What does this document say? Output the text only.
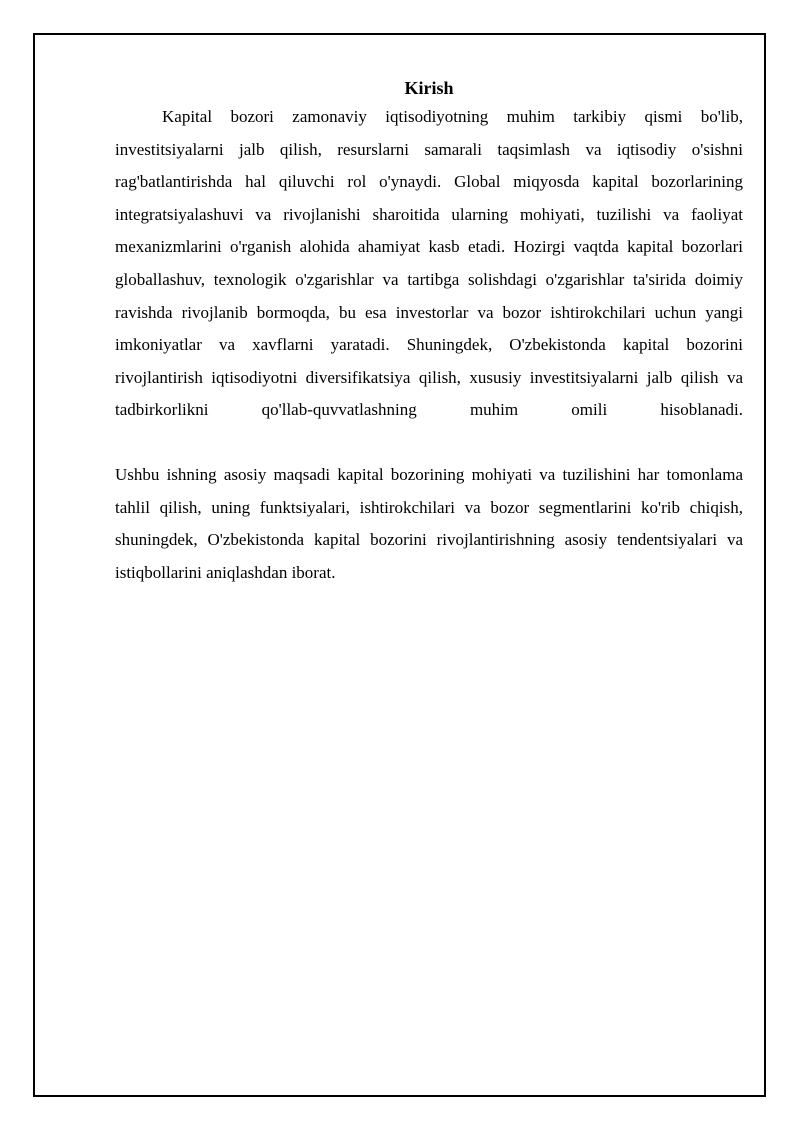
Kirish

Kapital bozori zamonaviy iqtisodiyotning muhim tarkibiy qismi bo'lib, investitsiyalarni jalb qilish, resurslarni samarali taqsimlash va iqtisodiy o'sishni rag'batlantirishda hal qiluvchi rol o'ynaydi. Global miqyosda kapital bozorlarining integratsiyalashuvi va rivojlanishi sharoitida ularning mohiyati, tuzilishi va faoliyat mexanizmlarini o'rganish alohida ahamiyat kasb etadi. Hozirgi vaqtda kapital bozorlari globallashuv, texnologik o'zgarishlar va tartibga solishdagi o'zgarishlar ta'sirida doimiy ravishda rivojlanib bormoqda, bu esa investorlar va bozor ishtirokchilari uchun yangi imkoniyatlar va xavflarni yaratadi. Shuningdek, O'zbekistonda kapital bozorini rivojlantirish iqtisodiyotni diversifikatsiya qilish, xususiy investitsiyalarni jalb qilish va tadbirkorlikni qo'llab-quvvatlashning muhim omili hisoblanadi.

Ushbu ishning asosiy maqsadi kapital bozorining mohiyati va tuzilishini har tomonlama tahlil qilish, uning funktsiyalari, ishtirokchilari va bozor segmentlarini ko'rib chiqish, shuningdek, O'zbekistonda kapital bozorini rivojlantirishning asosiy tendentsiyalari va istiqbollarini aniqlashdan iborat.
